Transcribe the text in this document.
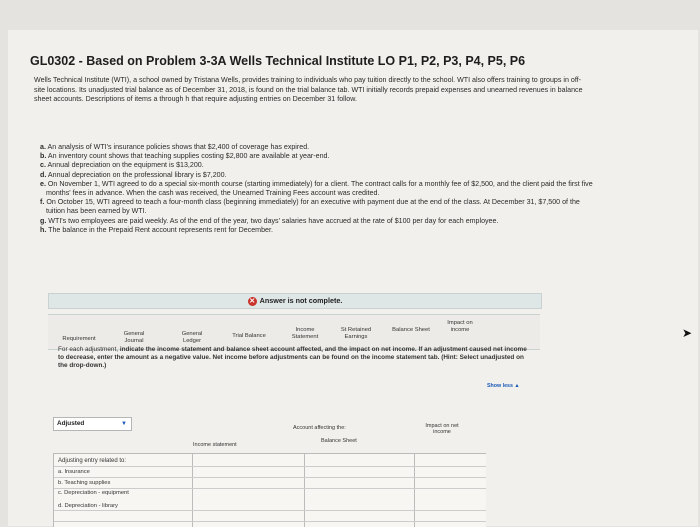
GL0302 - Based on Problem 3-3A Wells Technical Institute LO P1, P2, P3, P4, P5, P6
Wells Technical Institute (WTI), a school owned by Tristana Wells, provides training to individuals who pay tuition directly to the school. WTI also offers training to groups in off-site locations. Its unadjusted trial balance as of December 31, 2018, is found on the trial balance tab. WTI initially records prepaid expenses and unearned revenues in balance sheet accounts. Descriptions of items a through h that require adjusting entries on December 31 follow.
a. An analysis of WTI's insurance policies shows that $2,400 of coverage has expired.
b. An inventory count shows that teaching supplies costing $2,800 are available at year-end.
c. Annual depreciation on the equipment is $13,200.
d. Annual depreciation on the professional library is $7,200.
e. On November 1, WTI agreed to do a special six-month course (starting immediately) for a client. The contract calls for a monthly fee of $2,500, and the client paid the first five months' fees in advance. When the cash was received, the Unearned Training Fees account was credited.
f. On October 15, WTI agreed to teach a four-month class (beginning immediately) for an executive with payment due at the end of the class. At December 31, $7,500 of the tuition has been earned by WTI.
g. WTI's two employees are paid weekly. As of the end of the year, two days' salaries have accrued at the rate of $100 per day for each employee.
h. The balance in the Prepaid Rent account represents rent for December.
✕ Answer is not complete.
Requirement
General Journal
General Ledger
Trial Balance
Income Statement
St Retained Earnings
Balance Sheet
Impact on income
For each adjustment, indicate the income statement and balance sheet account affected, and the impact on net income. If an adjustment caused net income to decrease, enter the amount as a negative value. Net income before adjustments can be found on the income statement tab. (Hint: Select unadjusted on the drop-down.)
Show less ▲
Adjusted	▼
Account affecting the:
Income statement
Balance Sheet
Impact on net income
Adjusting entry related to:
a. Insurance
b. Teaching supplies
c. Depreciation - equipment
d. Depreciation - library
➤
